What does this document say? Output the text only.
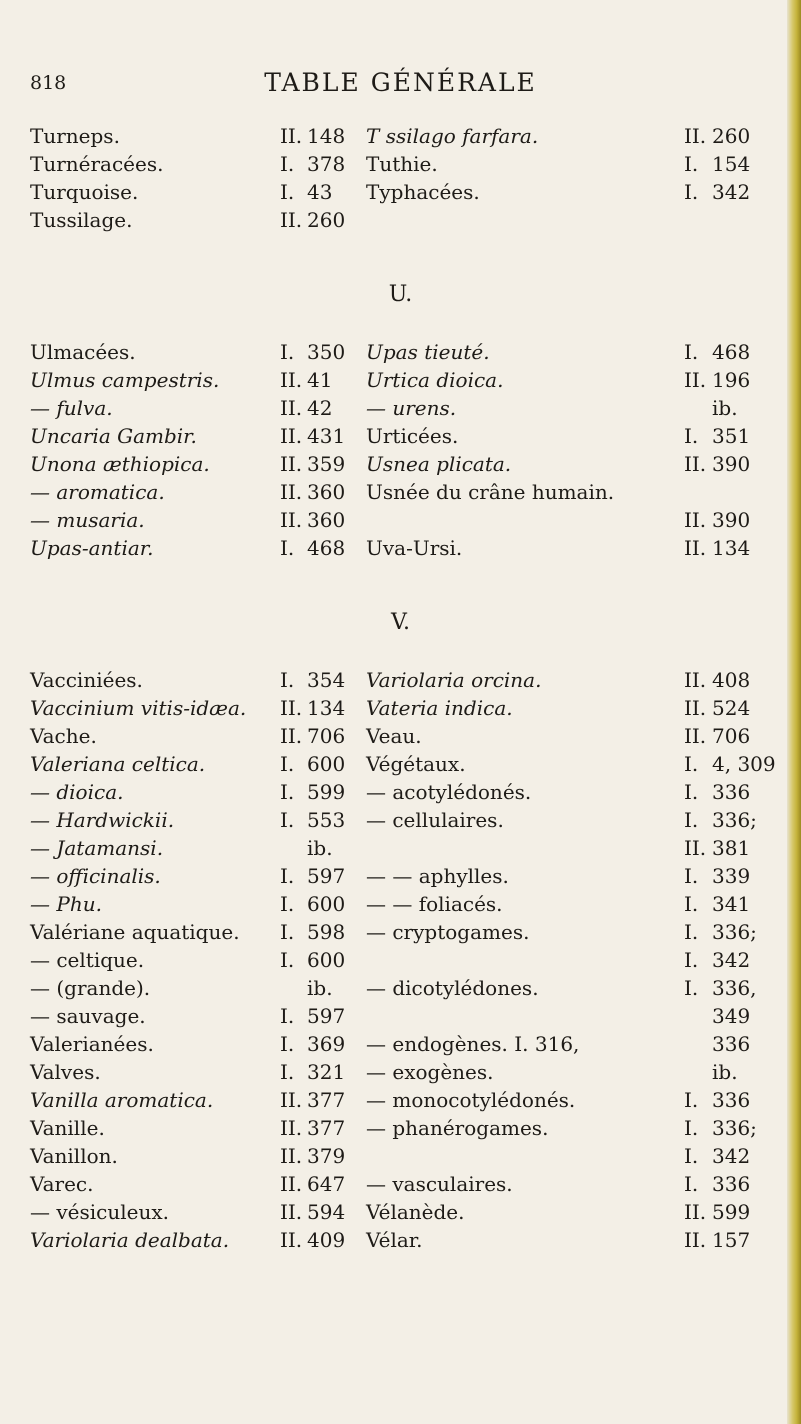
818	TABLE GÉNÉRALE
Turneps.	II. 148
Turnéracées.	I. 378
Turquoise.	I. 43
Tussilage.	II. 260
T ssilago farfara.	II. 260
Tuthie.	I. 154
Typhacées.	I. 342
U.
Ulmacées.	I. 350
Ulmus campestris.	II. 41
— fulva.	II. 42
Uncaria Gambir.	II. 431
Unona æthiopica.	II. 359
— aromatica.	II. 360
— musaria.	II. 360
Upas-antiar.	I. 468
Upas tieuté.	I. 468
Urtica dioica.	II. 196
— urens.	ib.
Urticées.	I. 351
Usnea plicata.	II. 390
Usnée du crâne humain.
II. 390
Uva-Ursi.	II. 134
V.
Vacciniées.	I. 354
Vaccinium vitis-idæa. II. 134
Vache.	II. 706
Valeriana celtica.	I. 600
— dioica.	I. 599
— Hardwickii.	I. 553
— Jatamansi.	ib.
— officinalis.	I. 597
— Phu.	I. 600
Valériane aquatique. I. 598
— celtique.	I. 600
— (grande).	ib.
— sauvage.	I. 597
Valerianées.	I. 369
Valves.	I. 321
Vanilla aromatica.	II. 377
Vanille.	II. 377
Vanillon.	II. 379
Varec.	II. 647
— vésiculeux.	II. 594
Variolaria dealbata.	II. 409
Variolaria orcina.	II. 408
Vateria indica.	II. 524
Veau.	II. 706
Végétaux.	I. 4, 309
— acotylédonés.	I. 336
— cellulaires.	I. 336;
II. 381
— — aphylles.	I. 339
— — foliacés.	I. 341
— cryptogames.	I. 336;
I. 342
— dicotylédones.	I. 336,
349
— endogènes. I. 316,	336
— exogènes.	ib.
— monocotylédonés.	I. 336
— phanérogames.	I. 336;
I. 342
— vasculaires.	I. 336
Vélanède.	II. 599
Vélar.	II. 157
